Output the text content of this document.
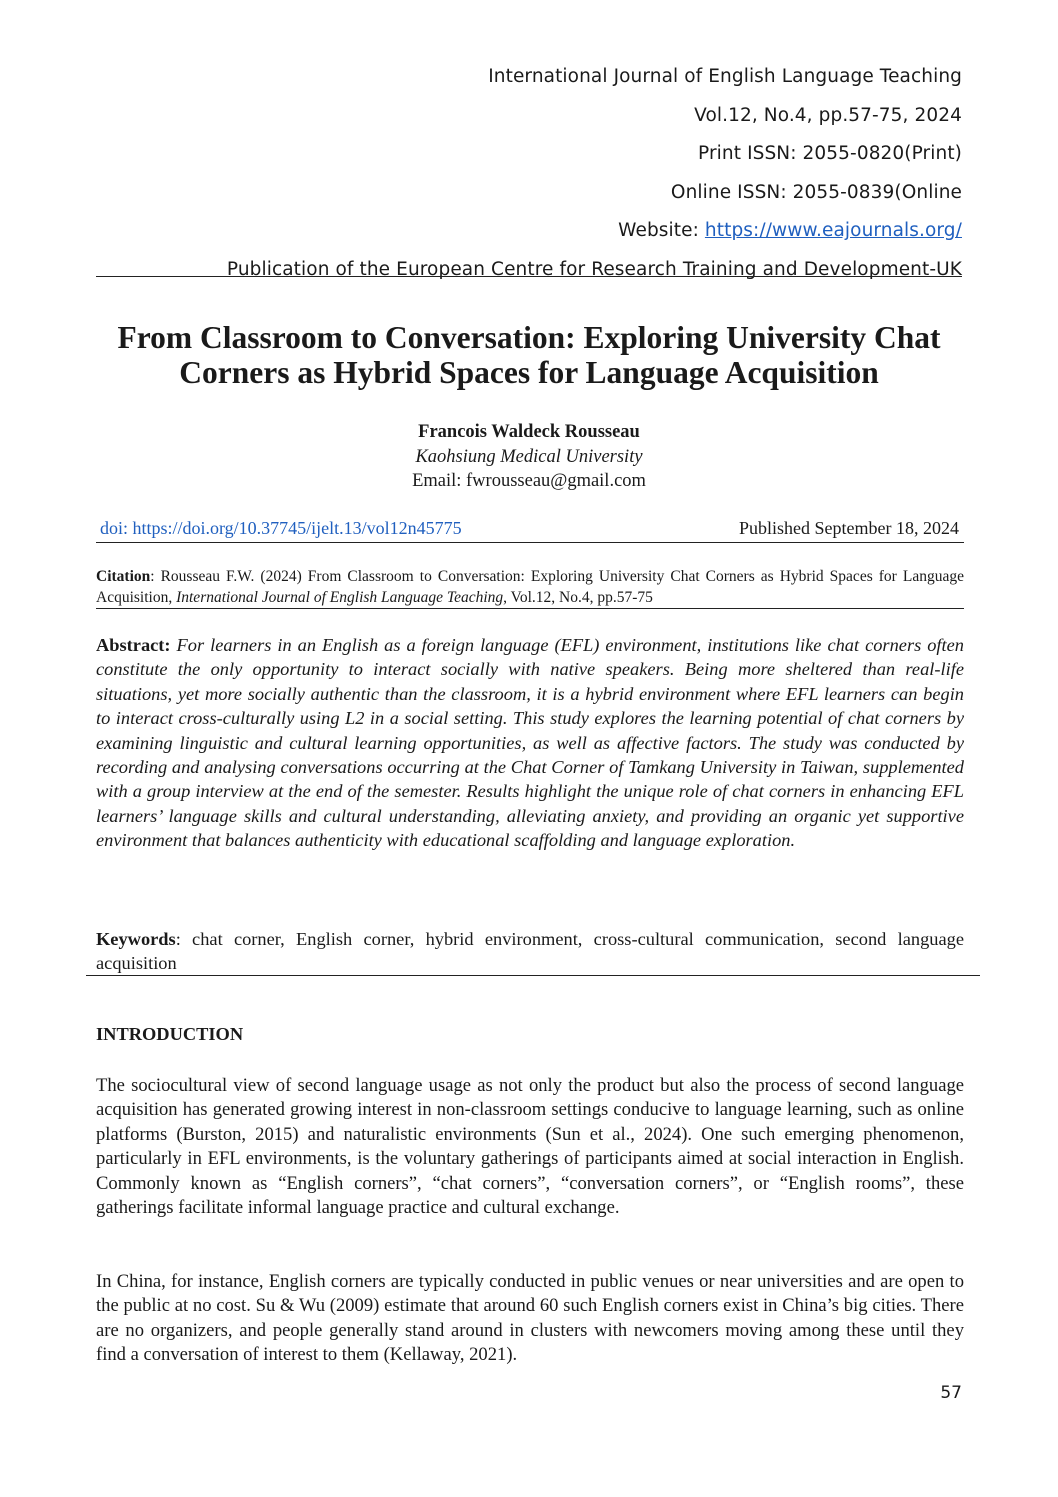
International Journal of English Language Teaching
Vol.12, No.4, pp.57-75, 2024
Print ISSN: 2055-0820(Print)
Online ISSN: 2055-0839(Online
Website: https://www.eajournals.org/
Publication of the European Centre for Research Training and Development-UK
From Classroom to Conversation: Exploring University Chat
Corners as Hybrid Spaces for Language Acquisition
Francois Waldeck Rousseau
Kaohsiung Medical University
Email: fwrousseau@gmail.com
doi: https://doi.org/10.37745/ijelt.13/vol12n45775	Published September 18, 2024
Citation: Rousseau F.W. (2024) From Classroom to Conversation: Exploring University Chat Corners as Hybrid Spaces for Language Acquisition, International Journal of English Language Teaching, Vol.12, No.4, pp.57-75

Abstract: For learners in an English as a foreign language (EFL) environment, institutions like chat corners often constitute the only opportunity to interact socially with native speakers. Being more sheltered than real-life situations, yet more socially authentic than the classroom, it is a hybrid environment where EFL learners can begin to interact cross-culturally using L2 in a social setting. This study explores the learning potential of chat corners by examining linguistic and cultural learning opportunities, as well as affective factors. The study was conducted by recording and analysing conversations occurring at the Chat Corner of Tamkang University in Taiwan, supplemented with a group interview at the end of the semester. Results highlight the unique role of chat corners in enhancing EFL learners’ language skills and cultural understanding, alleviating anxiety, and providing an organic yet supportive environment that balances authenticity with educational scaffolding and language exploration.

Keywords: chat corner, English corner, hybrid environment, cross-cultural communication, second language acquisition

INTRODUCTION

The sociocultural view of second language usage as not only the product but also the process of second language acquisition has generated growing interest in non-classroom settings conducive to language learning, such as online platforms (Burston, 2015) and naturalistic environments (Sun et al., 2024). One such emerging phenomenon, particularly in EFL environments, is the voluntary gatherings of participants aimed at social interaction in English. Commonly known as “English corners”, “chat corners”, “conversation corners”, or “English rooms”, these gatherings facilitate informal language practice and cultural exchange.

In China, for instance, English corners are typically conducted in public venues or near universities and are open to the public at no cost. Su & Wu (2009) estimate that around 60 such English corners exist in China’s big cities. There are no organizers, and people generally stand around in clusters with newcomers moving among these until they find a conversation of interest to them (Kellaway, 2021).

57
